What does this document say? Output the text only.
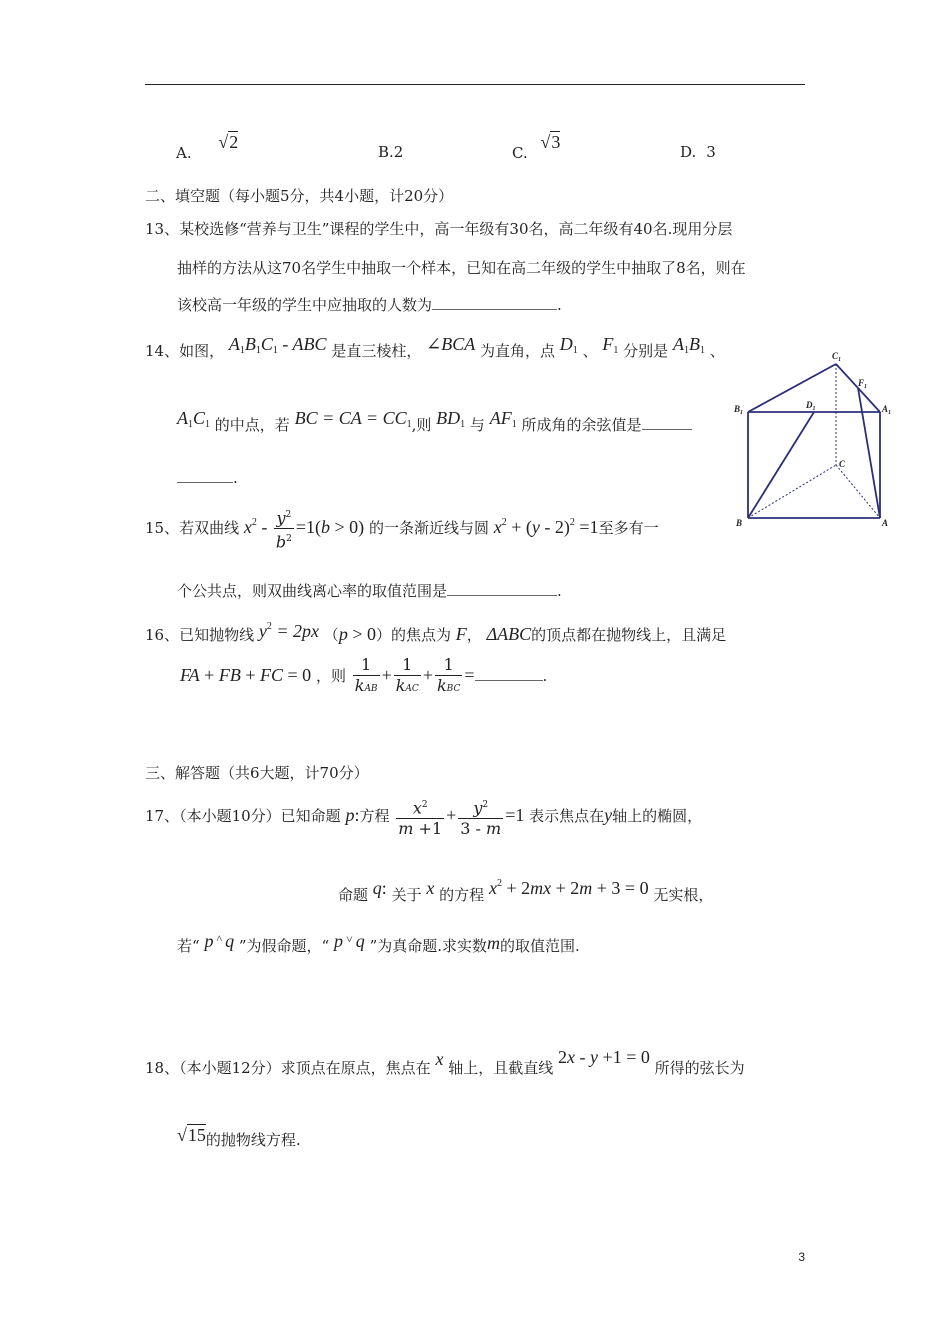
A. √2	B.2	C. √3	D. 3
二、填空题（每小题5分，共4小题，计20分）
13、某校选修“营养与卫生”课程的学生中，高一年级有30名，高二年级有40名.现用分层
抽样的方法从这70名学生中抽取一个样本，已知在高二年级的学生中抽取了8名，则在
该校高一年级的学生中应抽取的人数为	.
14、如图， $A_1B_1C_1$ - ABC 是直三棱柱， ∠BCA 为直角，点 $D_1$ 、 $F_1$ 分别是 $A_1B_1$ 、
$A_1C_1$ 的中点，若 BC = CA = $CC_1$,则 $BD_1$ 与 $AF_1$ 所成角的余弦值是
.
$C_1$
$F_1$
$B_1$
$D_1$	$A_1$
C
B	A
15、若双曲线 $x^2 - \frac{y^2}{b^2} =1(b > 0)$ 的一条渐近线与圆 $x^2 + (y - 2)^2 =1$至多有一
个公共点，则双曲线离心率的取值范围是	.
16、已知抛物线 $y^2 = 2px$ （p > 0）的焦点为 F， ΔABC的顶点都在抛物线上，且满足
FA + FB + FC = 0 ，则 $\frac{1}{\text{kAB}} + \frac{1}{\text{kAC}} + \frac{1}{\text{kBC}}$ =	.
三、解答题（共6大题，计70分）
17、（本小题10分）已知命题 p:方程 $\frac{x^2}{m +1} + \frac{y^2}{3 - m} =1$ 表示焦点在y轴上的椭圆，
命题 q: 关于 x 的方程 $x^2 + 2mx + 2m + 3 = 0$ 无实根，
若“ p ^ q ”为假命题，“ p ˅ q ”为真命题.求实数m的取值范围.
18、（本小题12分）求顶点在原点，焦点在 x 轴上，且截直线 2x - y +1 = 0 所得的弦长为
√15的抛物线方程.
3
